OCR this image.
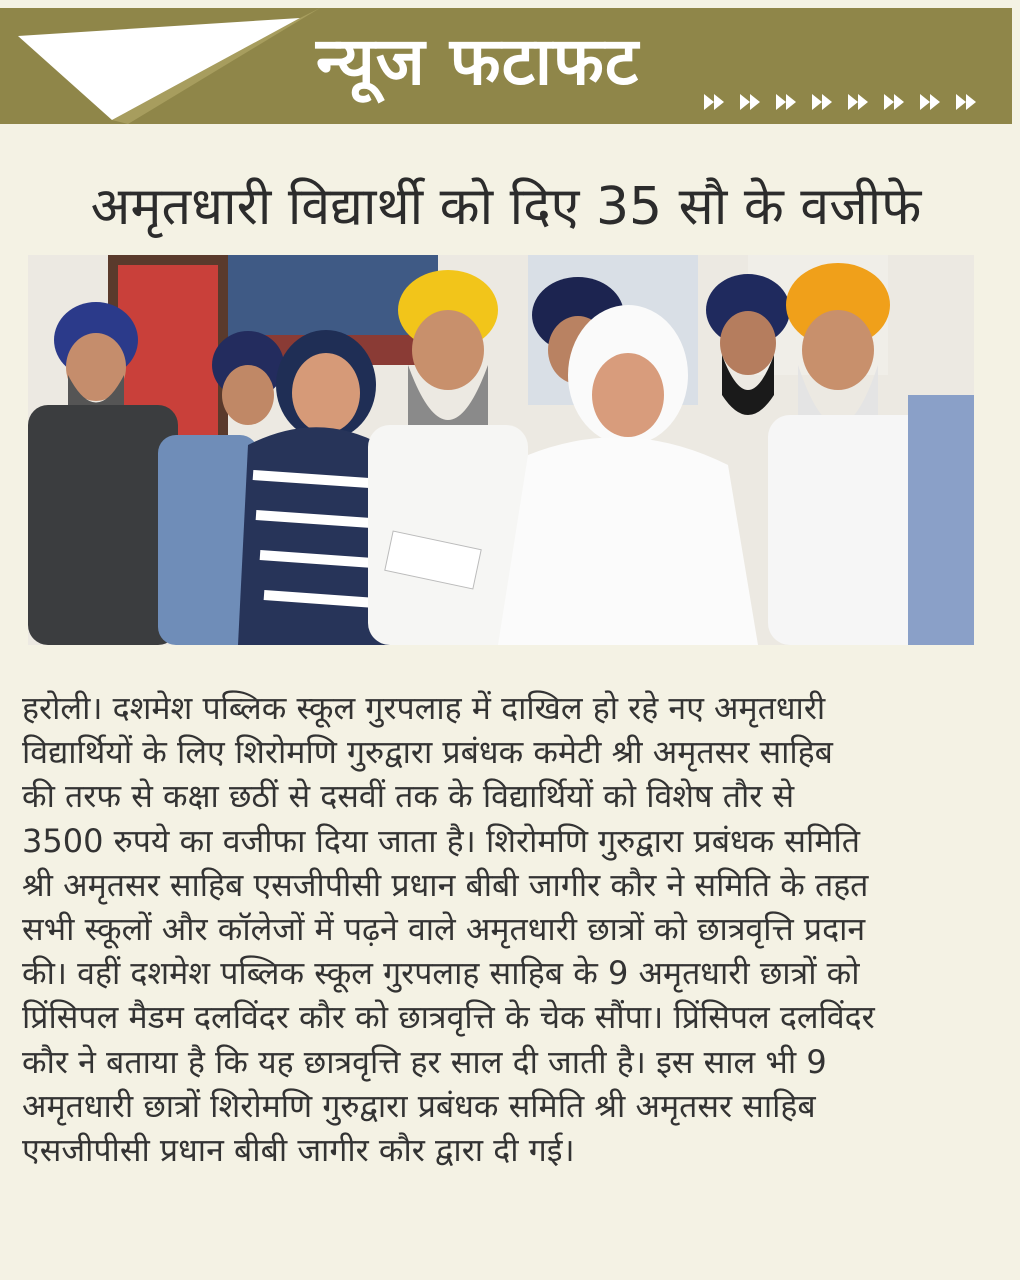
न्यूज फटाफट
अमृतधारी विद्यार्थी को दिए 35 सौ के वजीफे
हरोली। दशमेश पब्लिक स्कूल गुरपलाह में दाखिल हो रहे नए अमृतधारी
विद्यार्थियों के लिए शिरोमणि गुरुद्वारा प्रबंधक कमेटी श्री अमृतसर साहिब
की तरफ से कक्षा छठीं से दसवीं तक के विद्यार्थियों को विशेष तौर से
3500 रुपये का वजीफा दिया जाता है। शिरोमणि गुरुद्वारा प्रबंधक समिति
श्री अमृतसर साहिब एसजीपीसी प्रधान बीबी जागीर कौर ने समिति के तहत
सभी स्कूलों और कॉलेजों में पढ़ने वाले अमृतधारी छात्रों को छात्रवृत्ति प्रदान
की। वहीं दशमेश पब्लिक स्कूल गुरपलाह साहिब के 9 अमृतधारी छात्रों को
प्रिंसिपल मैडम दलविंदर कौर को छात्रवृत्ति के चेक सौंपा। प्रिंसिपल दलविंदर
कौर ने बताया है कि यह छात्रवृत्ति हर साल दी जाती है। इस साल भी 9
अमृतधारी छात्रों शिरोमणि गुरुद्वारा प्रबंधक समिति श्री अमृतसर साहिब
एसजीपीसी प्रधान बीबी जागीर कौर द्वारा दी गई।
